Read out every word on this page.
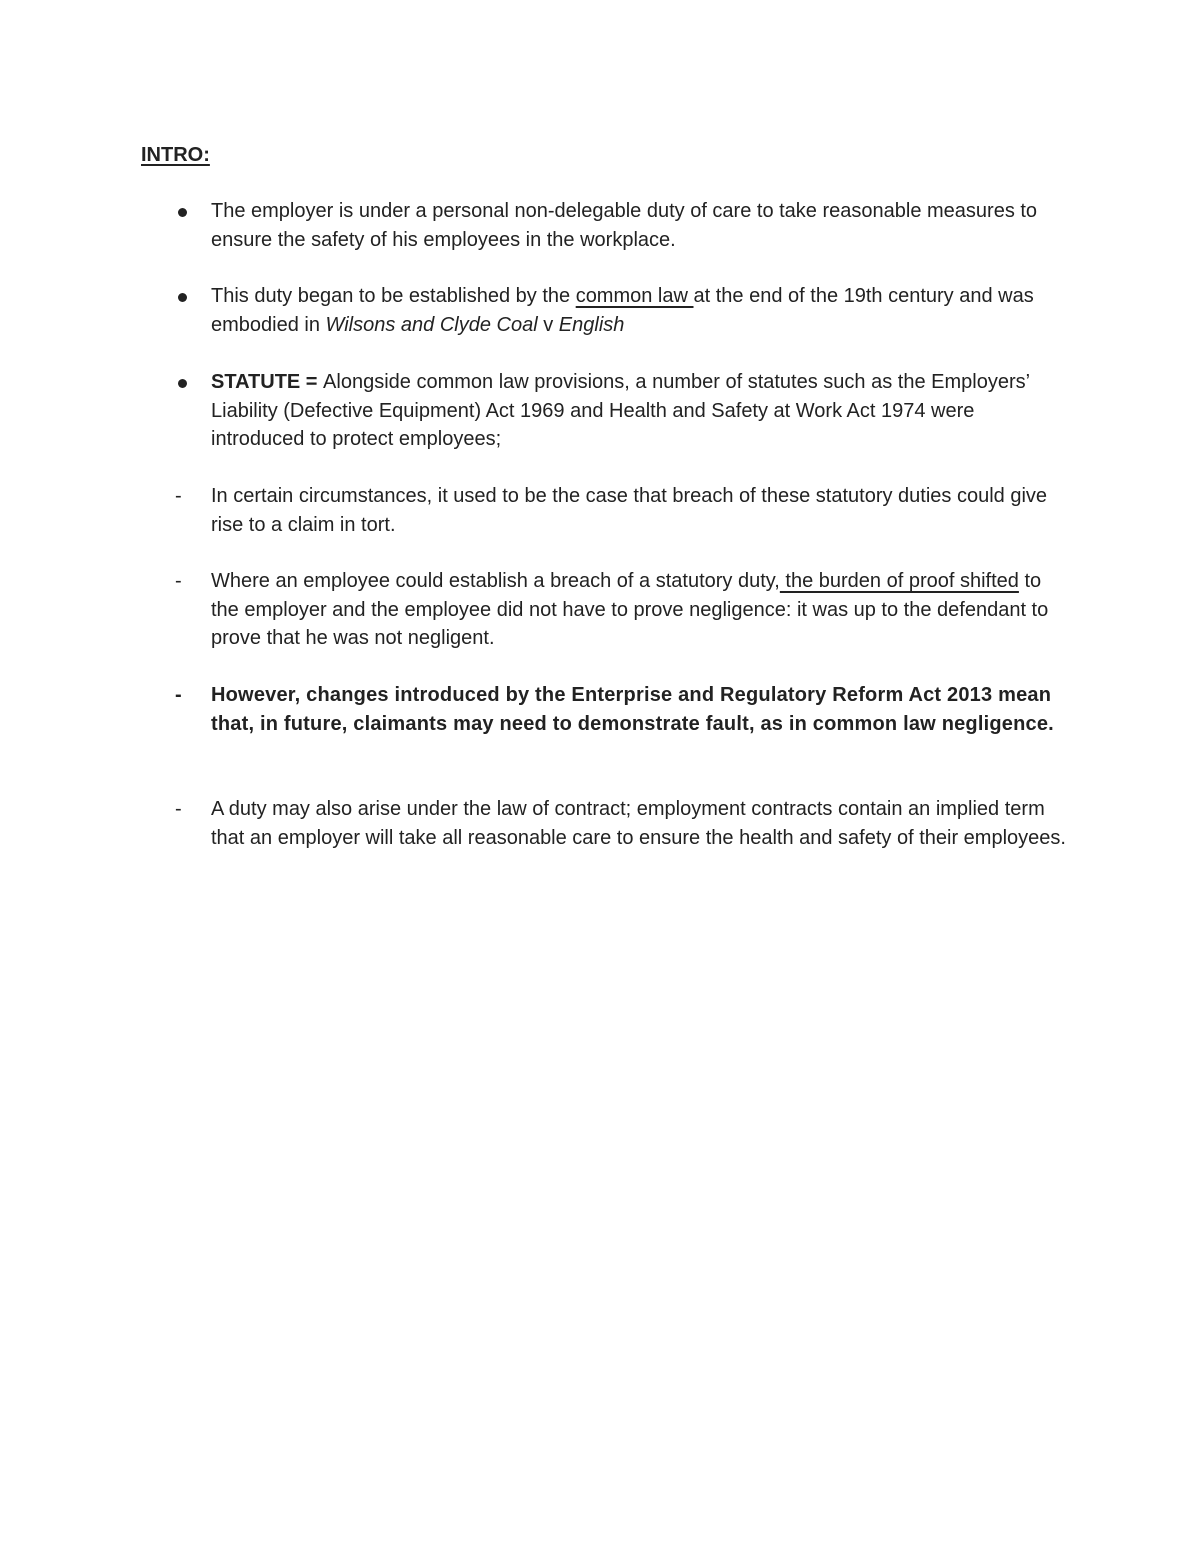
INTRO:
The employer is under a personal non-delegable duty of care to take reasonable measures to ensure the safety of his employees in the workplace.
This duty began to be established by the common law at the end of the 19th century and was embodied in Wilsons and Clyde Coal v English
STATUTE = Alongside common law provisions, a number of statutes such as the Employers’ Liability (Defective Equipment) Act 1969 and Health and Safety at Work Act 1974 were introduced to protect employees;
- In certain circumstances, it used to be the case that breach of these statutory duties could give rise to a claim in tort.
- Where an employee could establish a breach of a statutory duty, the burden of proof shifted to the employer and the employee did not have to prove negligence: it was up to the defendant to prove that he was not negligent.
- However, changes introduced by the Enterprise and Regulatory Reform Act 2013 mean that, in future, claimants may need to demonstrate fault, as in common law negligence.
- A duty may also arise under the law of contract; employment contracts contain an implied term that an employer will take all reasonable care to ensure the health and safety of their employees.
